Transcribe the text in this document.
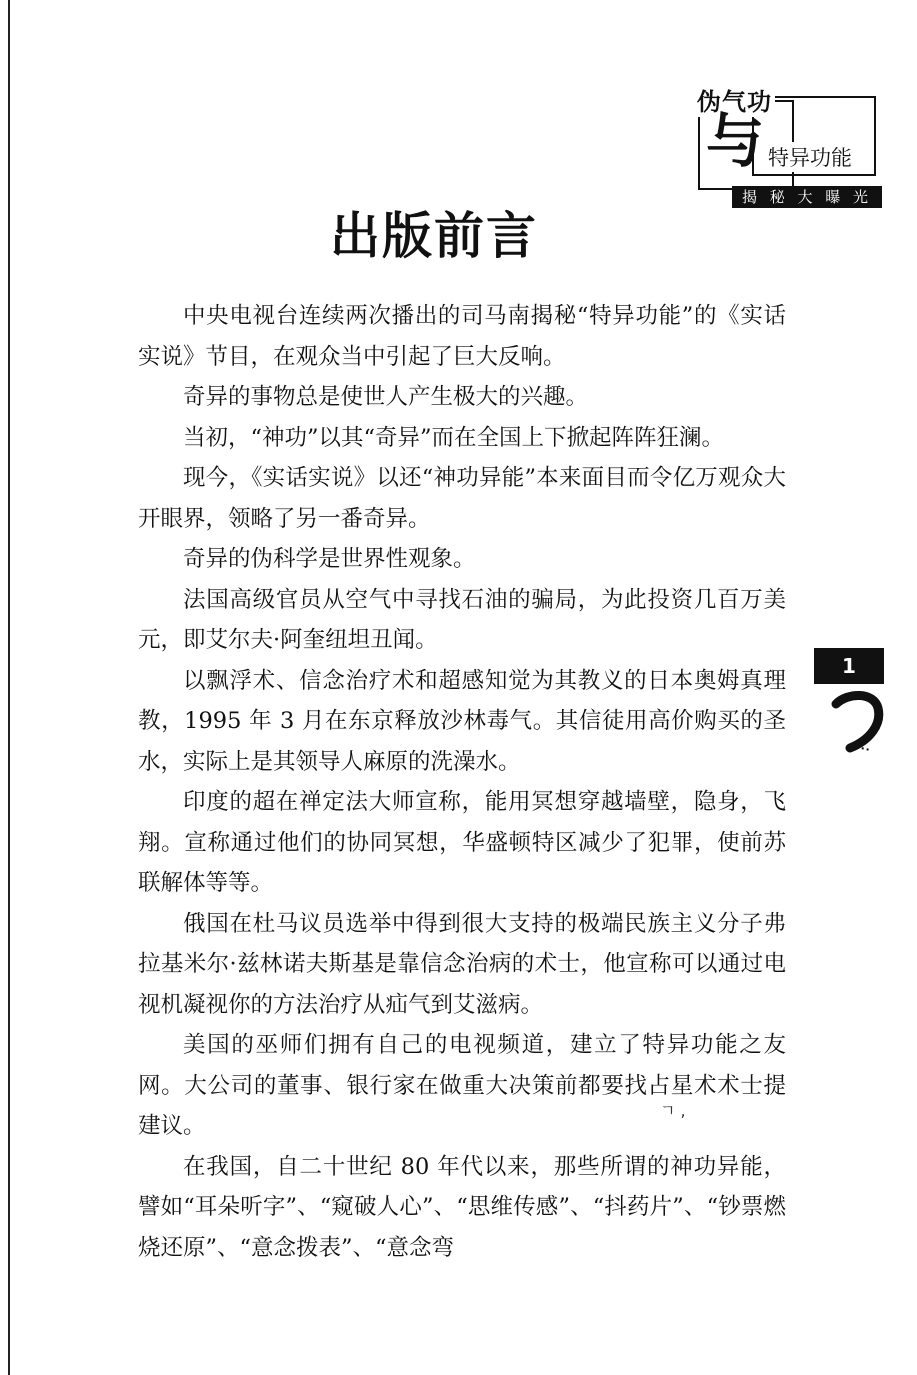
伪气功
与 特异功能
揭 秘 大 曝 光
出版前言

中央电视台连续两次播出的司马南揭秘“特异功能”的《实话实说》节目，在观众当中引起了巨大反响。

奇异的事物总是使世人产生极大的兴趣。

当初，“神功”以其“奇异”而在全国上下掀起阵阵狂澜。

现今，《实话实说》以还“神功异能”本来面目而令亿万观众大开眼界，领略了另一番奇异。

奇异的伪科学是世界性观象。

法国高级官员从空气中寻找石油的骗局，为此投资几百万美元，即艾尔夫·阿奎纽坦丑闻。

以飘浮术、信念治疗术和超感知觉为其教义的日本奥姆真理教，1995 年 3 月在东京释放沙林毒气。其信徒用高价购买的圣水，实际上是其领导人麻原的洗澡水。

印度的超在禅定法大师宣称，能用冥想穿越墙壁，隐身，飞翔。宣称通过他们的协同冥想，华盛顿特区减少了犯罪，使前苏联解体等等。

俄国在杜马议员选举中得到很大支持的极端民族主义分子弗拉基米尔·兹林诺夫斯基是靠信念治病的术士，他宣称可以通过电视机凝视你的方法治疗从疝气到艾滋病。

美国的巫师们拥有自己的电视频道，建立了特异功能之友网。大公司的董事、银行家在做重大决策前都要找占星术术士提建议。

在我国，自二十世纪 80 年代以来，那些所谓的神功异能，譬如“耳朵听字”、“窥破人心”、“思维传感”、“抖药片”、“钞票燃烧还原”、“意念拨表”、“意念弯

1
ㄱ ,
